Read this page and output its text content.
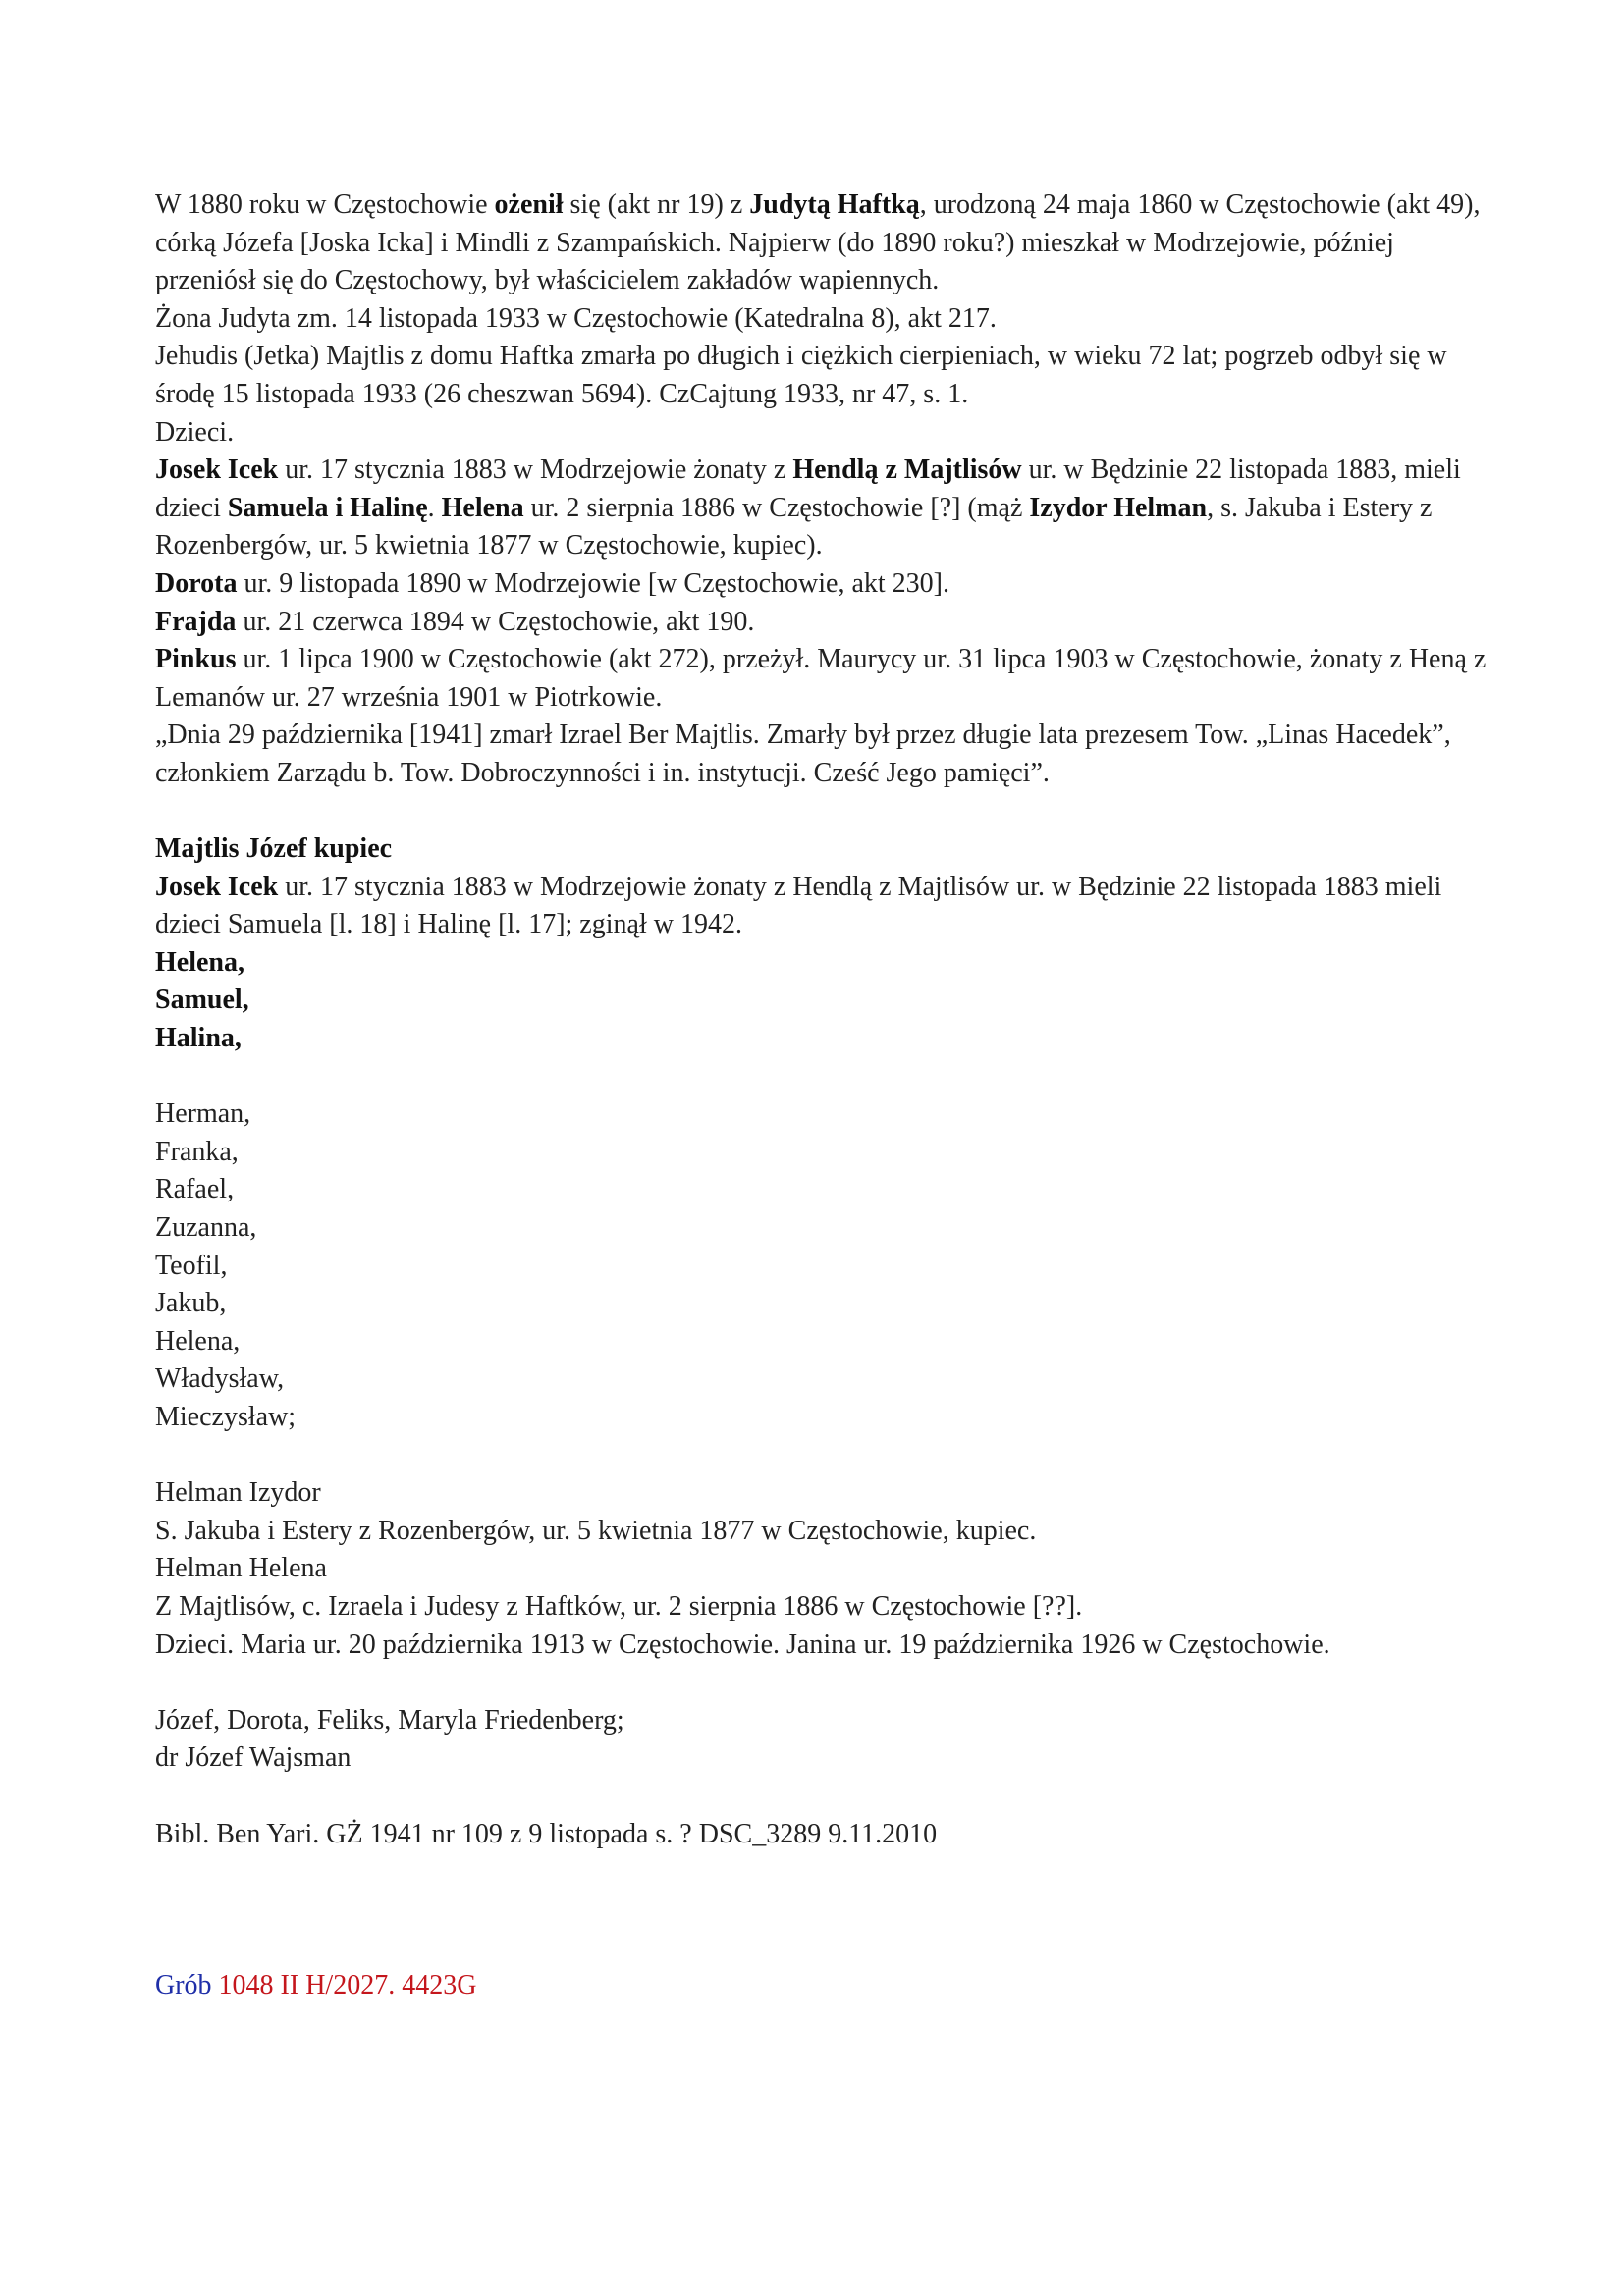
W 1880 roku w Częstochowie ożenił się (akt nr 19) z Judytą Haftką, urodzoną 24 maja 1860 w Częstochowie (akt 49), córką Józefa [Joska Icka] i Mindli z Szampańskich. Najpierw (do 1890 roku?) mieszkał w Modrzejowie, później przeniósł się do Częstochowy, był właścicielem zakładów wapiennych.

Żona Judyta zm. 14 listopada 1933 w Częstochowie (Katedralna 8), akt 217.

Jehudis (Jetka) Majtlis z domu Haftka zmarła po długich i ciężkich cierpieniach, w wieku 72 lat; pogrzeb odbył się w środę 15 listopada 1933 (26 cheszwan 5694). CzCajtung 1933, nr 47, s. 1.

Dzieci.

Josek Icek ur. 17 stycznia 1883 w Modrzejowie żonaty z Hendlą z Majtlisów ur. w Będzinie 22 listopada 1883, mieli dzieci Samuela i Halinę. Helena ur. 2 sierpnia 1886 w Częstochowie [?] (mąż Izydor Helman, s. Jakuba i Estery z Rozenbergów, ur. 5 kwietnia 1877 w Częstochowie, kupiec).

Dorota ur. 9 listopada 1890 w Modrzejowie [w Częstochowie, akt 230].

Frajda ur. 21 czerwca 1894 w Częstochowie, akt 190.

Pinkus ur. 1 lipca 1900 w Częstochowie (akt 272), przeżył. Maurycy ur. 31 lipca 1903 w Częstochowie, żonaty z Heną z Lemanów ur. 27 września 1901 w Piotrkowie.

„Dnia 29 października [1941] zmarł Izrael Ber Majtlis. Zmarły był przez długie lata prezesem Tow. „Linas Hacedek”, członkiem Zarządu b. Tow. Dobroczynności i in. instytucji. Cześć Jego pamięci”.

Majtlis Józef kupiec

Josek Icek ur. 17 stycznia 1883 w Modrzejowie żonaty z Hendlą z Majtlisów ur. w Będzinie 22 listopada 1883 mieli dzieci Samuela [l. 18] i Halinę [l. 17]; zginął w 1942.

Helena,

Samuel,

Halina,

Herman,

Franka,

Rafael,

Zuzanna,

Teofil,

Jakub,

Helena,

Władysław,

Mieczysław;

Helman Izydor

S. Jakuba i Estery z Rozenbergów, ur. 5 kwietnia 1877 w Częstochowie, kupiec.

Helman Helena

Z Majtlisów, c. Izraela i Judesy z Haftków, ur. 2 sierpnia 1886 w Częstochowie [??].

Dzieci. Maria ur. 20 października 1913 w Częstochowie. Janina ur. 19 października 1926 w Częstochowie.

Józef, Dorota, Feliks, Maryla Friedenberg;

dr Józef Wajsman

Bibl. Ben Yari. GŻ 1941 nr 109 z 9 listopada s. ? DSC_3289 9.11.2010

Grób 1048 II H/2027. 4423G
